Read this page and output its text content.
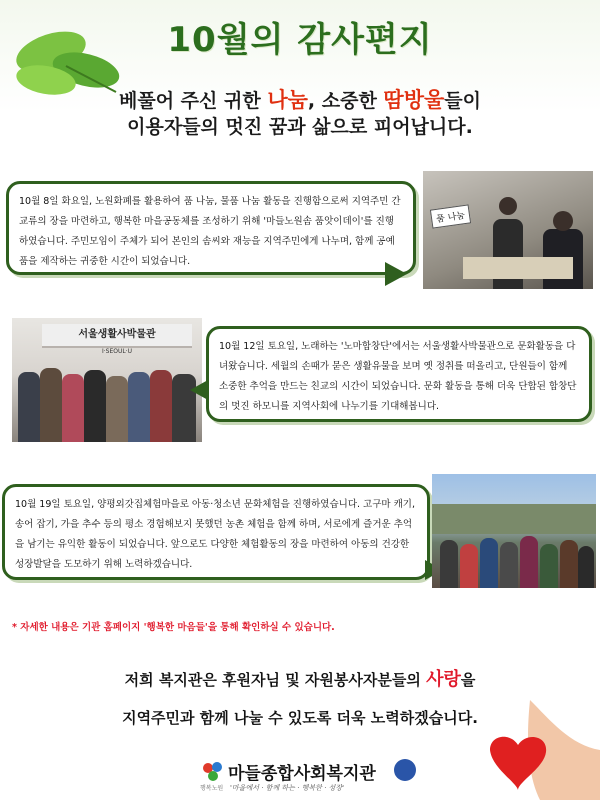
10월의 감사편지
베풀어 주신 귀한 나눔, 소중한 땀방울들이
이용자들의 멋진 꿈과 삶으로 피어납니다.
10월 8일 화요일, 노원화폐를 활용하여 품 나눔, 물품 나눔 활동을 진행함으로써 지역주민 간 교류의 장을 마련하고, 행복한 마을공동체를 조성하기 위해 '마들노원솜 품앗이데이'를 진행하였습니다. 주민모임이 주체가 되어 본인의 솜씨와 재능을 지역주민에게 나누며, 함께 공예품을 제작하는 귀중한 시간이 되었습니다.
품 나눔
서울생활사박물관
I·SEOUL·U	10월 12일 토요일, 노래하는 '노마합창단'에서는 서울생활사박물관으로 문화활동을 다녀왔습니다. 세월의 손때가 묻은 생활유물을 보며 옛 정취를 떠올리고, 단원들이 함께 소중한 추억을 만드는 친교의 시간이 되었습니다. 문화 활동을 통해 더욱 단합된 합창단의 멋진 하모니를 지역사회에 나누기를 기대해봅니다.
10월 19일 토요일, 양평외갓집체험마을로 아동·청소년 문화체험을 진행하였습니다. 고구마 캐기, 송어 잡기, 가을 추수 등의 평소 경험해보지 못했던 농촌 체험을 함께 하며, 서로에게 즐거운 추억을 남기는 유익한 활동이 되었습니다. 앞으로도 다양한 체험활동의 장을 마련하여 아동의 건강한 성장발달을 도모하기 위해 노력하겠습니다.
* 자세한 내용은 기관 홈페이지 '행복한 마음들'을 통해 확인하실 수 있습니다.
저희 복지관은 후원자님 및 자원봉사자분들의 사랑을
지역주민과 함께 나눌 수 있도록 더욱 노력하겠습니다.
행복노원
마들종합사회복지관
'마을에서 · 함께 하는 · 행복한 · 성장'
